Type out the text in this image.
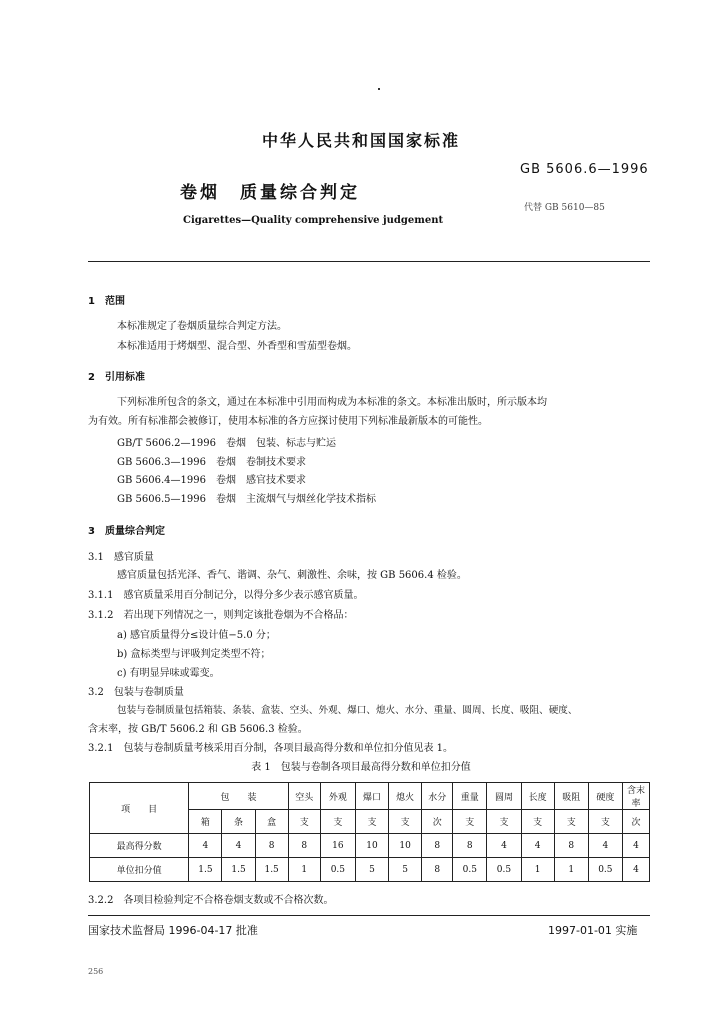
中华人民共和国国家标准
GB 5606.6—1996
卷烟　质量综合判定
代替 GB 5610—85
Cigarettes—Quality comprehensive judgement
1　范围
本标准规定了卷烟质量综合判定方法。
本标准适用于烤烟型、混合型、外香型和雪茄型卷烟。
2　引用标准
下列标准所包含的条文，通过在本标准中引用而构成为本标准的条文。本标准出版时，所示版本均
为有效。所有标准都会被修订，使用本标准的各方应探讨使用下列标准最新版本的可能性。
GB/T 5606.2—1996　卷烟　包装、标志与贮运
GB 5606.3—1996　卷烟　卷制技术要求
GB 5606.4—1996　卷烟　感官技术要求
GB 5606.5—1996　卷烟　主流烟气与烟丝化学技术指标
3　质量综合判定
3.1　感官质量
感官质量包括光泽、香气、谐调、杂气、刺激性、余味，按 GB 5606.4 检验。
3.1.1　感官质量采用百分制记分，以得分多少表示感官质量。
3.1.2　若出现下列情况之一，则判定该批卷烟为不合格品：
a) 感官质量得分≤设计值−5.0 分；
b) 盒标类型与评吸判定类型不符；
c) 有明显异味或霉变。
3.2　包装与卷制质量
包装与卷制质量包括箱装、条装、盒装、空头、外观、爆口、熄火、水分、重量、圆周、长度、吸阻、硬度、
含末率，按 GB/T 5606.2 和 GB 5606.3 检验。
3.2.1　包装与卷制质量考核采用百分制，各项目最高得分数和单位扣分值见表 1。
表 1　包装与卷制各项目最高得分数和单位扣分值
项　　目	包　　装			空头	外观	爆口	熄火	水分	重量	圆周	长度	吸阻	硬度	含末率
	箱	条	盒	支	支	支	支	次	支	支	支	支	支	次
最高得分数	4	4	8	8	16	10	10	8	8	4	4	8	4	4
单位扣分值	1.5	1.5	1.5	1	0.5	5	5	8	0.5	0.5	1	1	0.5	4
3.2.2　各项目检验判定不合格卷烟支数或不合格次数。
国家技术监督局 1996-04-17 批准	1997-01-01 实施
256
